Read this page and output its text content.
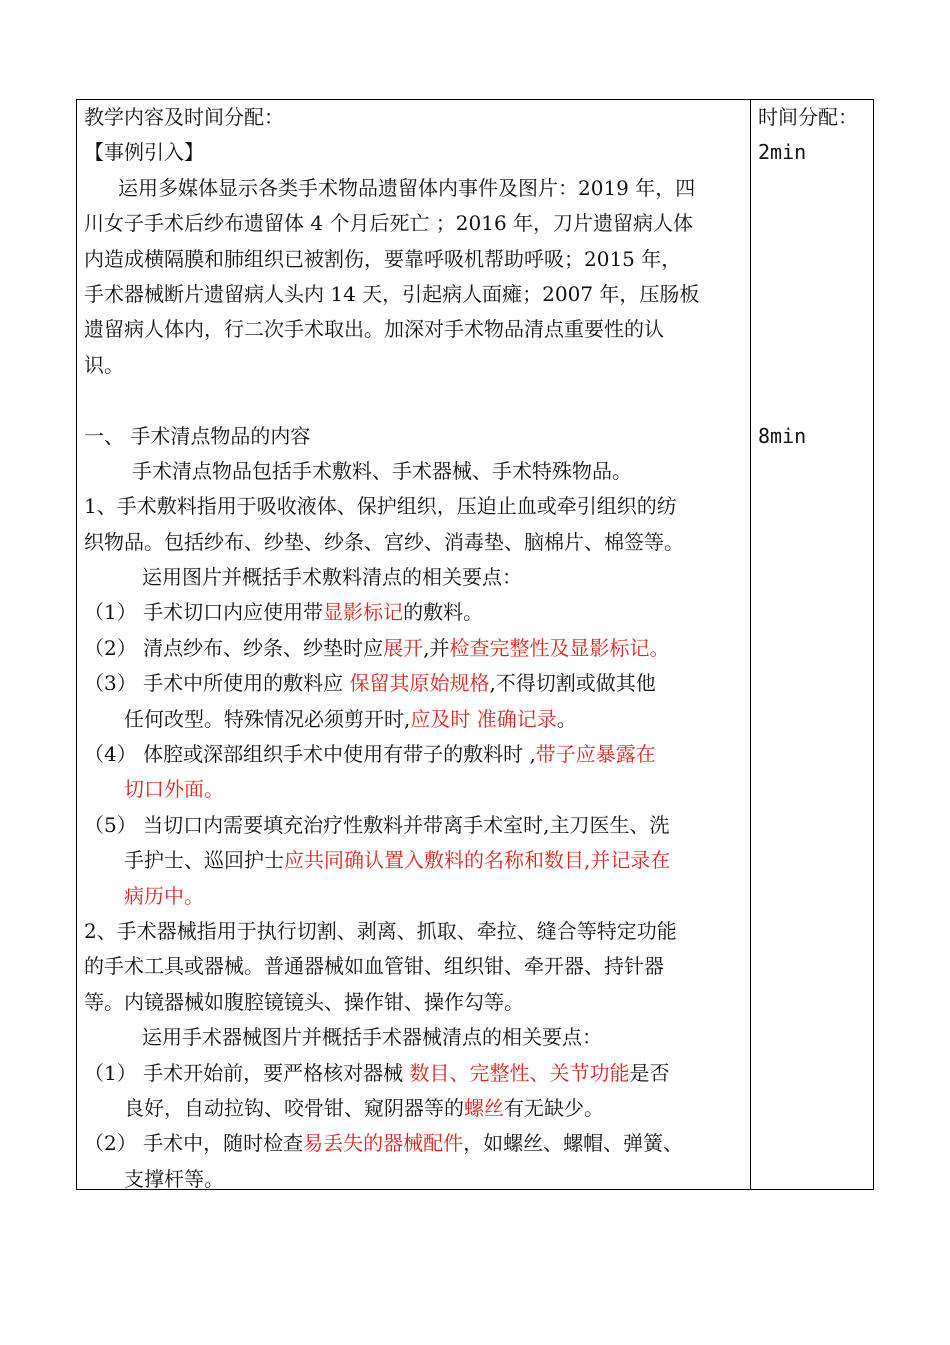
教学内容及时间分配：
【事例引入】
运用多媒体显示各类手术物品遗留体内事件及图片：2019 年，四
川女子手术后纱布遗留体 4 个月后死亡 ；2016 年，刀片遗留病人体
内造成横隔膜和肺组织已被割伤，要靠呼吸机帮助呼吸；2015 年，
手术器械断片遗留病人头内 14 天，引起病人面瘫；2007 年，压肠板
遗留病人体内，行二次手术取出。加深对手术物品清点重要性的认
识。
一、 手术清点物品的内容
手术清点物品包括手术敷料、手术器械、手术特殊物品。
1、手术敷料指用于吸收液体、保护组织，压迫止血或牵引组织的纺
织物品。包括纱布、纱垫、纱条、宫纱、消毒垫、脑棉片、棉签等。
运用图片并概括手术敷料清点的相关要点：
（1） 手术切口内应使用带显影标记的敷料。
（2） 清点纱布、纱条、纱垫时应展开,并检查完整性及显影标记。
（3） 手术中所使用的敷料应 保留其原始规格,不得切割或做其他
任何改型。特殊情况必须剪开时,应及时 准确记录。
（4） 体腔或深部组织手术中使用有带子的敷料时 ,带子应暴露在
切口外面。
（5） 当切口内需要填充治疗性敷料并带离手术室时,主刀医生、洗
手护士、巡回护士应共同确认置入敷料的名称和数目,并记录在
病历中。
2、手术器械指用于执行切割、剥离、抓取、牵拉、缝合等特定功能
的手术工具或器械。普通器械如血管钳、组织钳、牵开器、持针器
等。内镜器械如腹腔镜镜头、操作钳、操作勾等。
运用手术器械图片并概括手术器械清点的相关要点：
（1） 手术开始前，要严格核对器械 数目、完整性、关节功能是否
良好，自动拉钩、咬骨钳、窥阴器等的螺丝有无缺少。
（2） 手术中，随时检查易丢失的器械配件，如螺丝、螺帽、弹簧、
支撑杆等。
时间分配：
2min
8min
